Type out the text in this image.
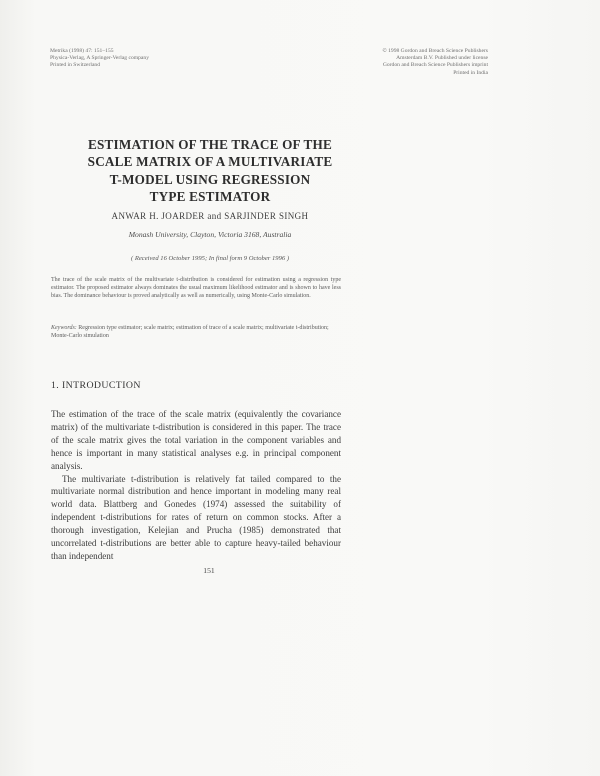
Metrika (1998) 47: 151–155
Physica-Verlag, A Springer-Verlag company
Printed in Switzerland
© 1998 Gordon and Breach Science Publishers
Amsterdam B.V. Published under license
Gordon and Breach Science Publishers imprint
Printed in India
ESTIMATION OF THE TRACE OF THE
SCALE MATRIX OF A MULTIVARIATE
T-MODEL USING REGRESSION
TYPE ESTIMATOR
ANWAR H. JOARDER and SARJINDER SINGH
Monash University, Clayton, Victoria 3168, Australia
( Received 16 October 1995; In final form 9 October 1996 )
The trace of the scale matrix of the multivariate t-distribution is considered for estimation using a regression type estimator. The proposed estimator always dominates the usual maximum likelihood estimator and is shown to have less bias. The dominance behaviour is proved analytically as well as numerically, using Monte-Carlo simulation.
Keywords: Regression type estimator; scale matrix; estimation of trace of a scale matrix; multivariate t-distribution; Monte-Carlo simulation
1. INTRODUCTION

The estimation of the trace of the scale matrix (equivalently the covariance matrix) of the multivariate t-distribution is considered in this paper. The trace of the scale matrix gives the total variation in the component variables and hence is important in many statistical analyses e.g. in principal component analysis.

The multivariate t-distribution is relatively fat tailed compared to the multivariate normal distribution and hence important in modeling many real world data. Blattberg and Gonedes (1974) assessed the suitability of independent t-distributions for rates of return on common stocks. After a thorough investigation, Kelejian and Prucha (1985) demonstrated that uncorrelated t-distributions are better able to capture heavy-tailed behaviour than independent

151
